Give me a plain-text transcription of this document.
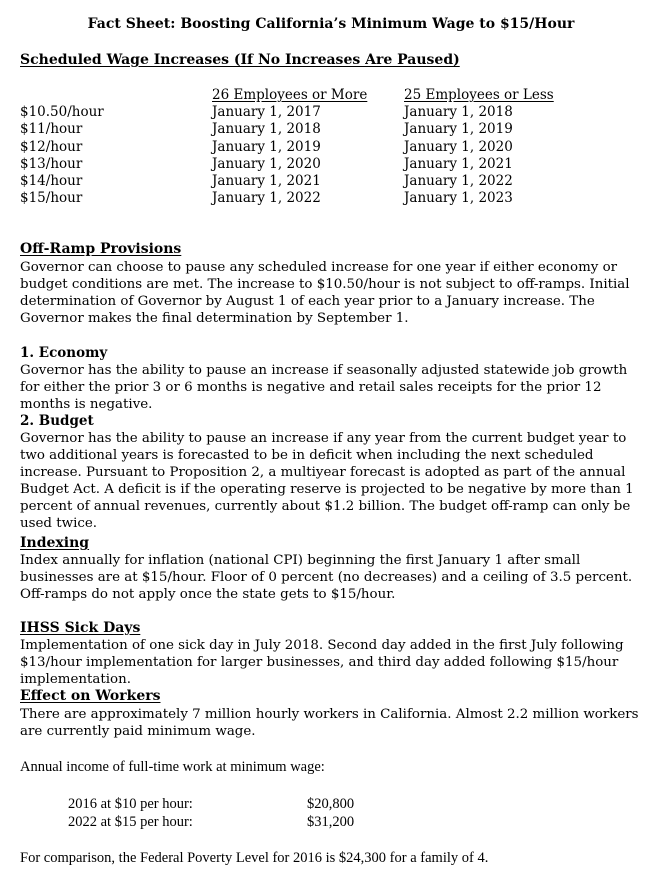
Fact Sheet: Boosting California’s Minimum Wage to $15/Hour
Scheduled Wage Increases (If No Increases Are Paused)
$10.50/hour
$11/hour
$12/hour
$13/hour
$14/hour
$15/hour
26 Employees or More
January 1, 2017
January 1, 2018
January 1, 2019
January 1, 2020
January 1, 2021
January 1, 2022
25 Employees or Less
January 1, 2018
January 1, 2019
January 1, 2020
January 1, 2021
January 1, 2022
January 1, 2023
Off-Ramp Provisions
Governor can choose to pause any scheduled increase for one year if either economy or budget conditions are met. The increase to $10.50/hour is not subject to off-ramps. Initial determination of Governor by August 1 of each year prior to a January increase. The Governor makes the final determination by September 1.
1. Economy
Governor has the ability to pause an increase if seasonally adjusted statewide job growth for either the prior 3 or 6 months is negative and retail sales receipts for the prior 12 months is negative.
2. Budget
Governor has the ability to pause an increase if any year from the current budget year to two additional years is forecasted to be in deficit when including the next scheduled increase. Pursuant to Proposition 2, a multiyear forecast is adopted as part of the annual Budget Act. A deficit is if the operating reserve is projected to be negative by more than 1 percent of annual revenues, currently about $1.2 billion. The budget off-ramp can only be used twice.
Indexing
Index annually for inflation (national CPI) beginning the first January 1 after small businesses are at $15/hour. Floor of 0 percent (no decreases) and a ceiling of 3.5 percent. Off-ramps do not apply once the state gets to $15/hour.
IHSS Sick Days
Implementation of one sick day in July 2018. Second day added in the first July following $13/hour implementation for larger businesses, and third day added following $15/hour implementation.
Effect on Workers
There are approximately 7 million hourly workers in California. Almost 2.2 million workers are currently paid minimum wage.
Annual income of full-time work at minimum wage:
2016 at $10 per hour:	$20,800
2022 at $15 per hour:	$31,200
For comparison, the Federal Poverty Level for 2016 is $24,300 for a family of 4.
